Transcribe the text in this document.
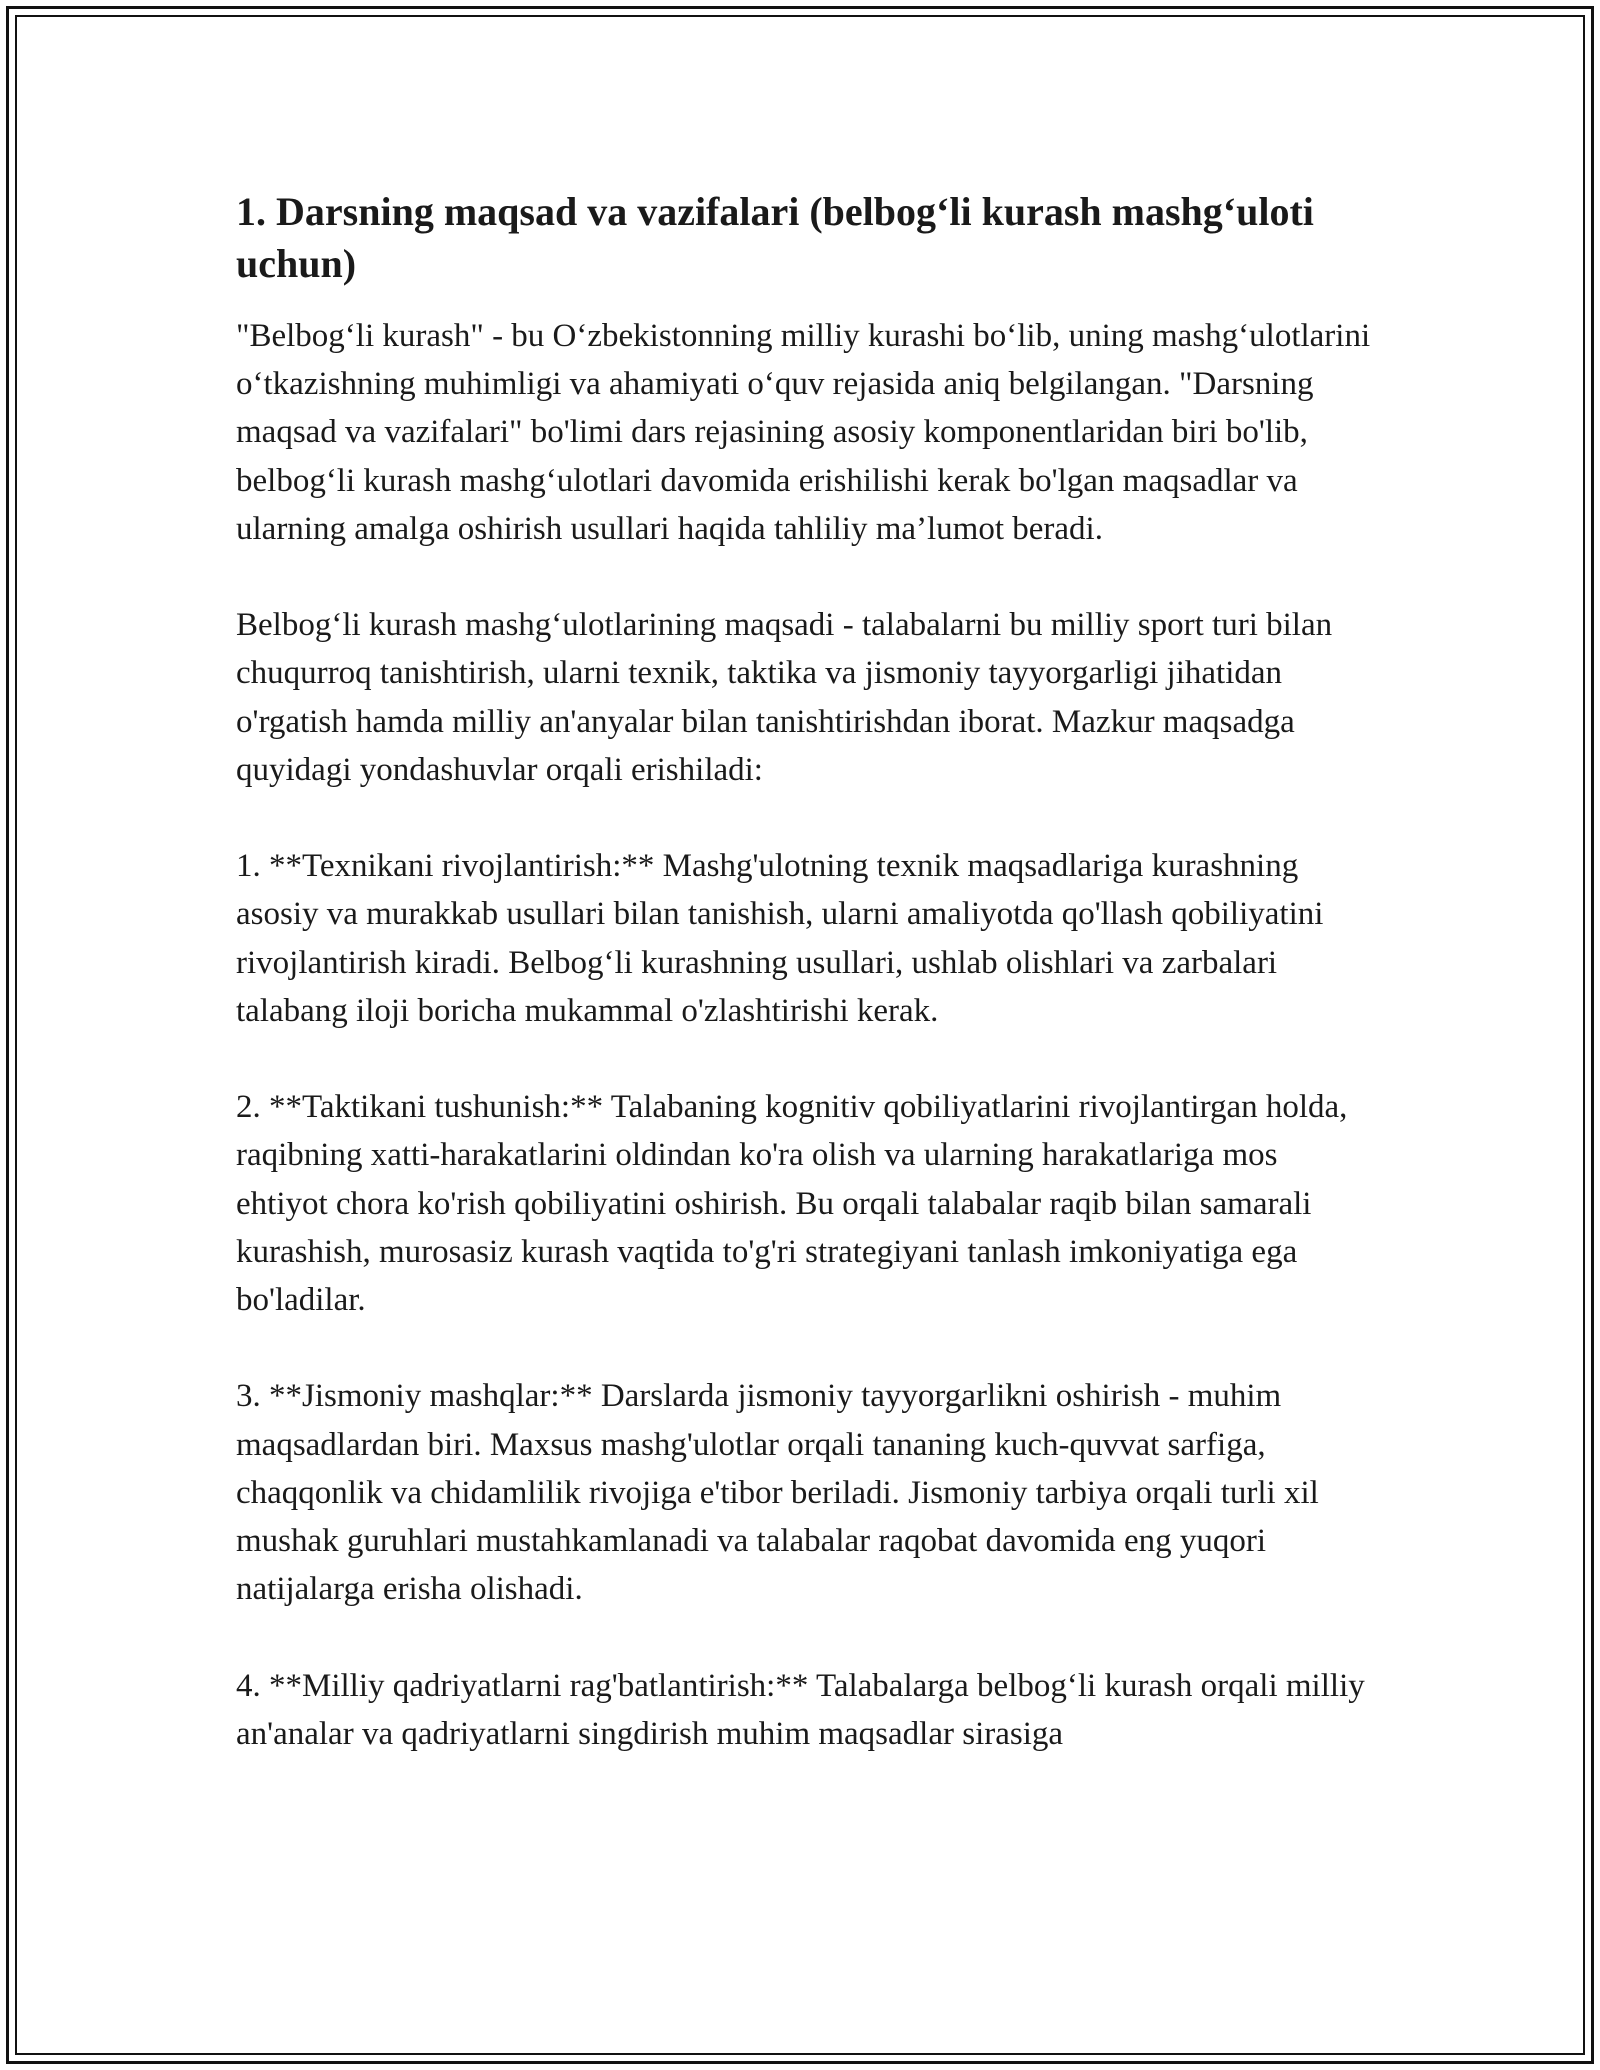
1. Darsning maqsad va vazifalari (belbog‘li kurash mashg‘uloti uchun)

"Belbog‘li kurash" - bu O‘zbekistonning milliy kurashi bo‘lib, uning mashg‘ulotlarini o‘tkazishning muhimligi va ahamiyati o‘quv rejasida aniq belgilangan. "Darsning maqsad va vazifalari" bo'limi dars rejasining asosiy komponentlaridan biri bo'lib, belbog‘li kurash mashg‘ulotlari davomida erishilishi kerak bo'lgan maqsadlar va ularning amalga oshirish usullari haqida tahliliy ma’lumot beradi.

Belbog‘li kurash mashg‘ulotlarining maqsadi - talabalarni bu milliy sport turi bilan chuqurroq tanishtirish, ularni texnik, taktika va jismoniy tayyorgarligi jihatidan o'rgatish hamda milliy an'anyalar bilan tanishtirishdan iborat. Mazkur maqsadga quyidagi yondashuvlar orqali erishiladi:

1. **Texnikani rivojlantirish:** Mashg'ulotning texnik maqsadlariga kurashning asosiy va murakkab usullari bilan tanishish, ularni amaliyotda qo'llash qobiliyatini rivojlantirish kiradi. Belbog‘li kurashning usullari, ushlab olishlari va zarbalari talabang iloji boricha mukammal o'zlashtirishi kerak.

2. **Taktikani tushunish:** Talabaning kognitiv qobiliyatlarini rivojlantirgan holda, raqibning xatti-harakatlarini oldindan ko'ra olish va ularning harakatlariga mos ehtiyot chora ko'rish qobiliyatini oshirish. Bu orqali talabalar raqib bilan samarali kurashish, murosasiz kurash vaqtida to'g'ri strategiyani tanlash imkoniyatiga ega bo'ladilar.

3. **Jismoniy mashqlar:** Darslarda jismoniy tayyorgarlikni oshirish - muhim maqsadlardan biri. Maxsus mashg'ulotlar orqali tananing kuch-quvvat sarfiga, chaqqonlik va chidamlilik rivojiga e'tibor beriladi. Jismoniy tarbiya orqali turli xil mushak guruhlari mustahkamlanadi va talabalar raqobat davomida eng yuqori natijalarga erisha olishadi.

4. **Milliy qadriyatlarni rag'batlantirish:** Talabalarga belbog‘li kurash orqali milliy an'analar va qadriyatlarni singdirish muhim maqsadlar sirasiga
